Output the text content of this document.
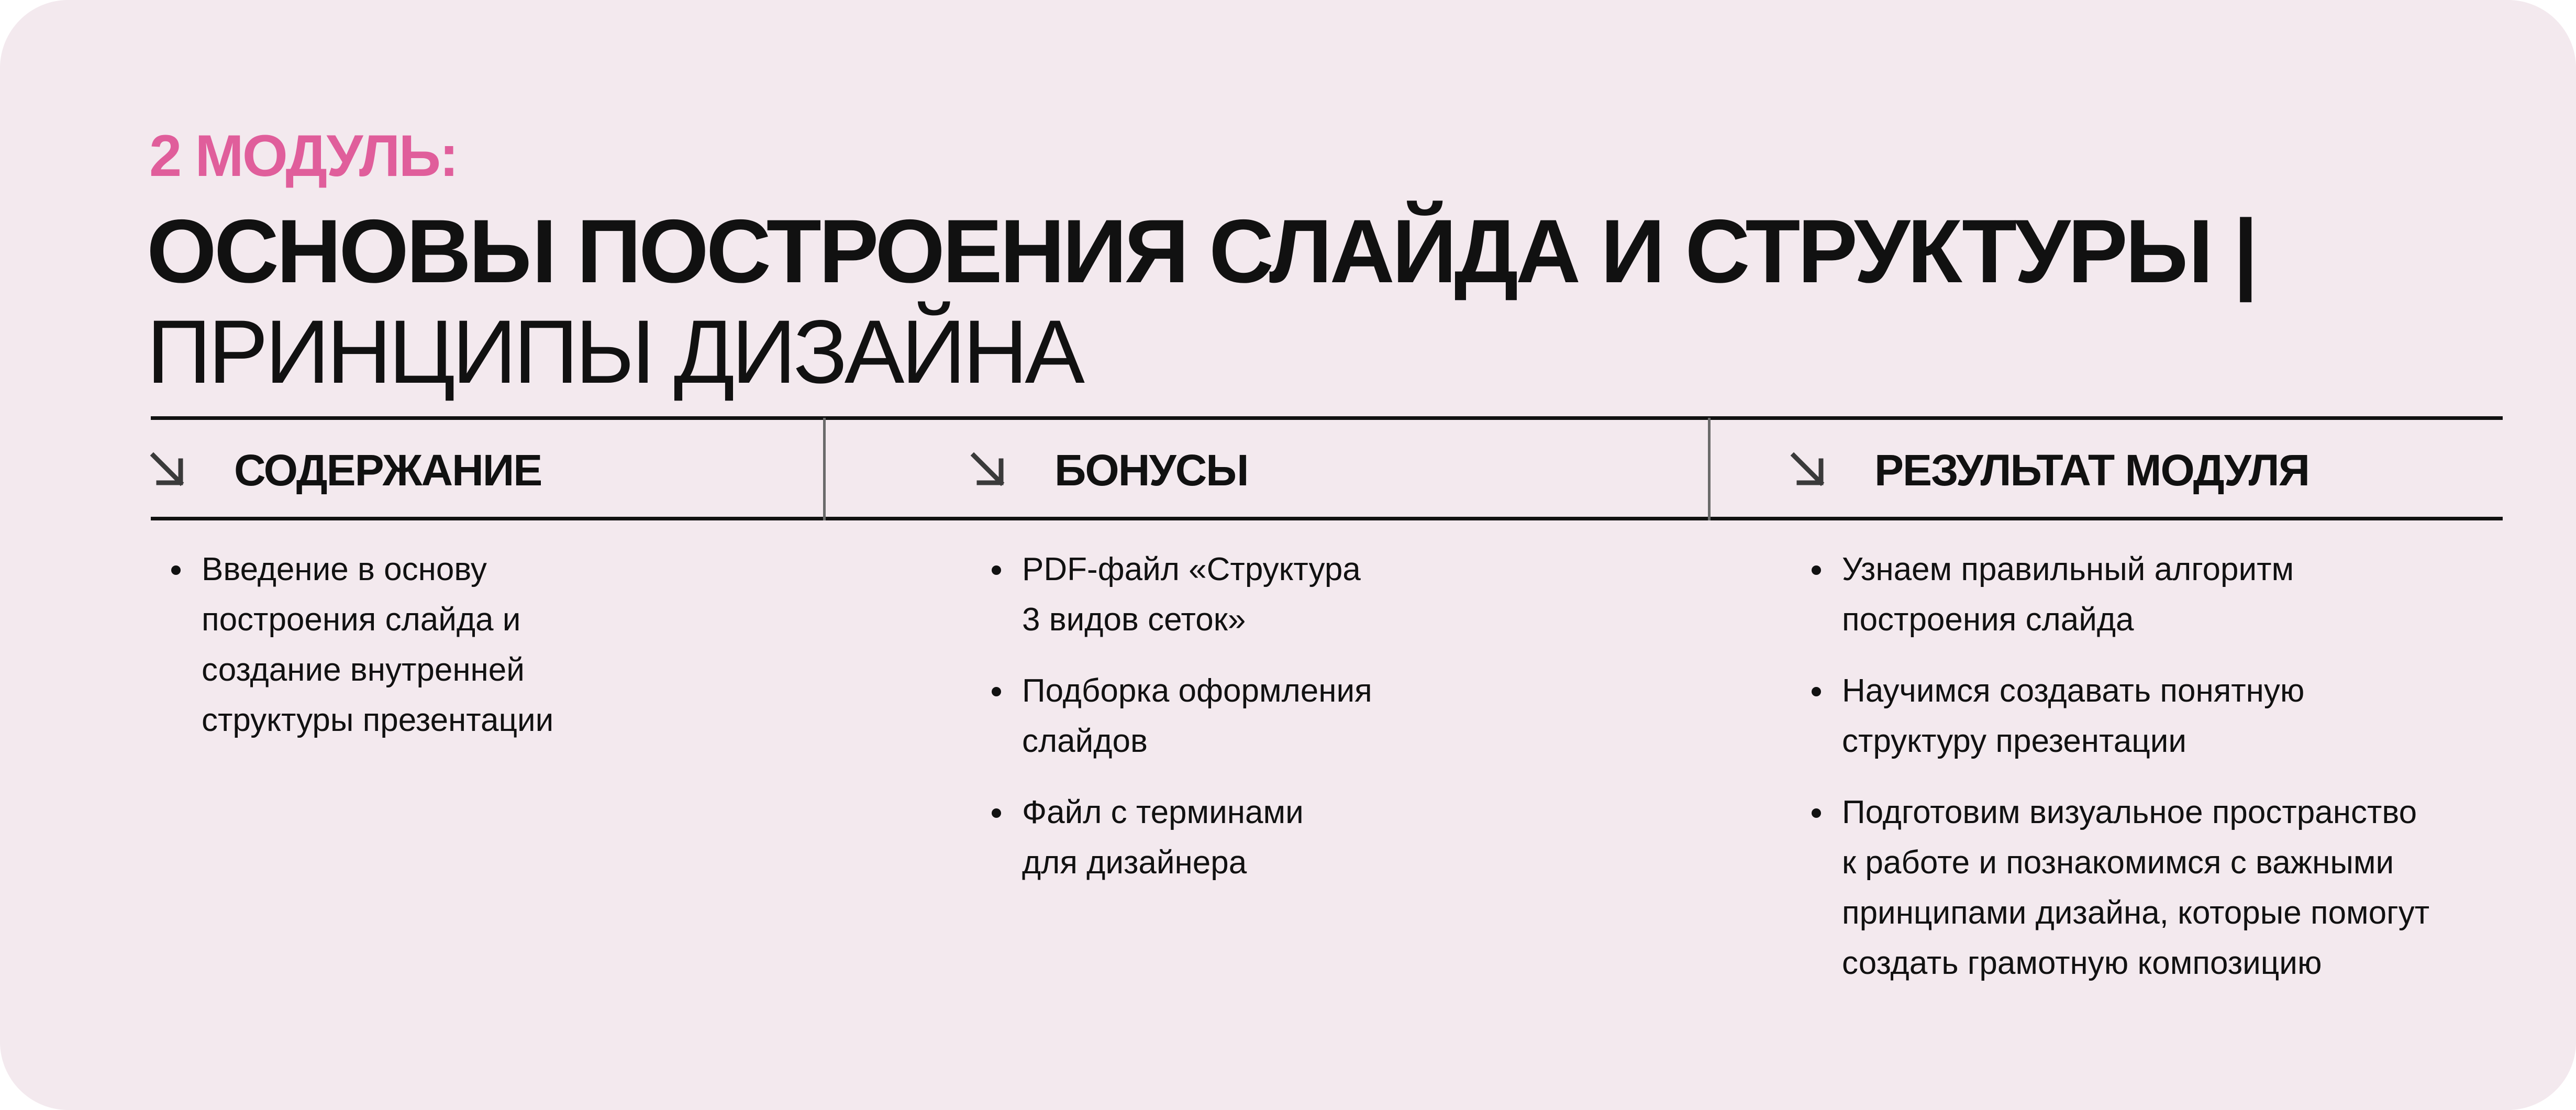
2 МОДУЛЬ:
ОСНОВЫ ПОСТРОЕНИЯ СЛАЙДА И СТРУКТУРЫ |
ПРИНЦИПЫ ДИЗАЙНА
СОДЕРЖАНИЕ
Введение в основу
построения слайда и
создание внутренней
структуры презентации
БОНУСЫ
PDF-файл «Структура
3 видов сеток»
Подборка оформления
слайдов
Файл с терминами
для дизайнера
РЕЗУЛЬТАТ МОДУЛЯ
Узнаем правильный алгоритм
построения слайда
Научимся создавать понятную
структуру презентации
Подготовим визуальное пространство
к работе и познакомимся с важными
принципами дизайна, которые помогут
создать грамотную композицию
